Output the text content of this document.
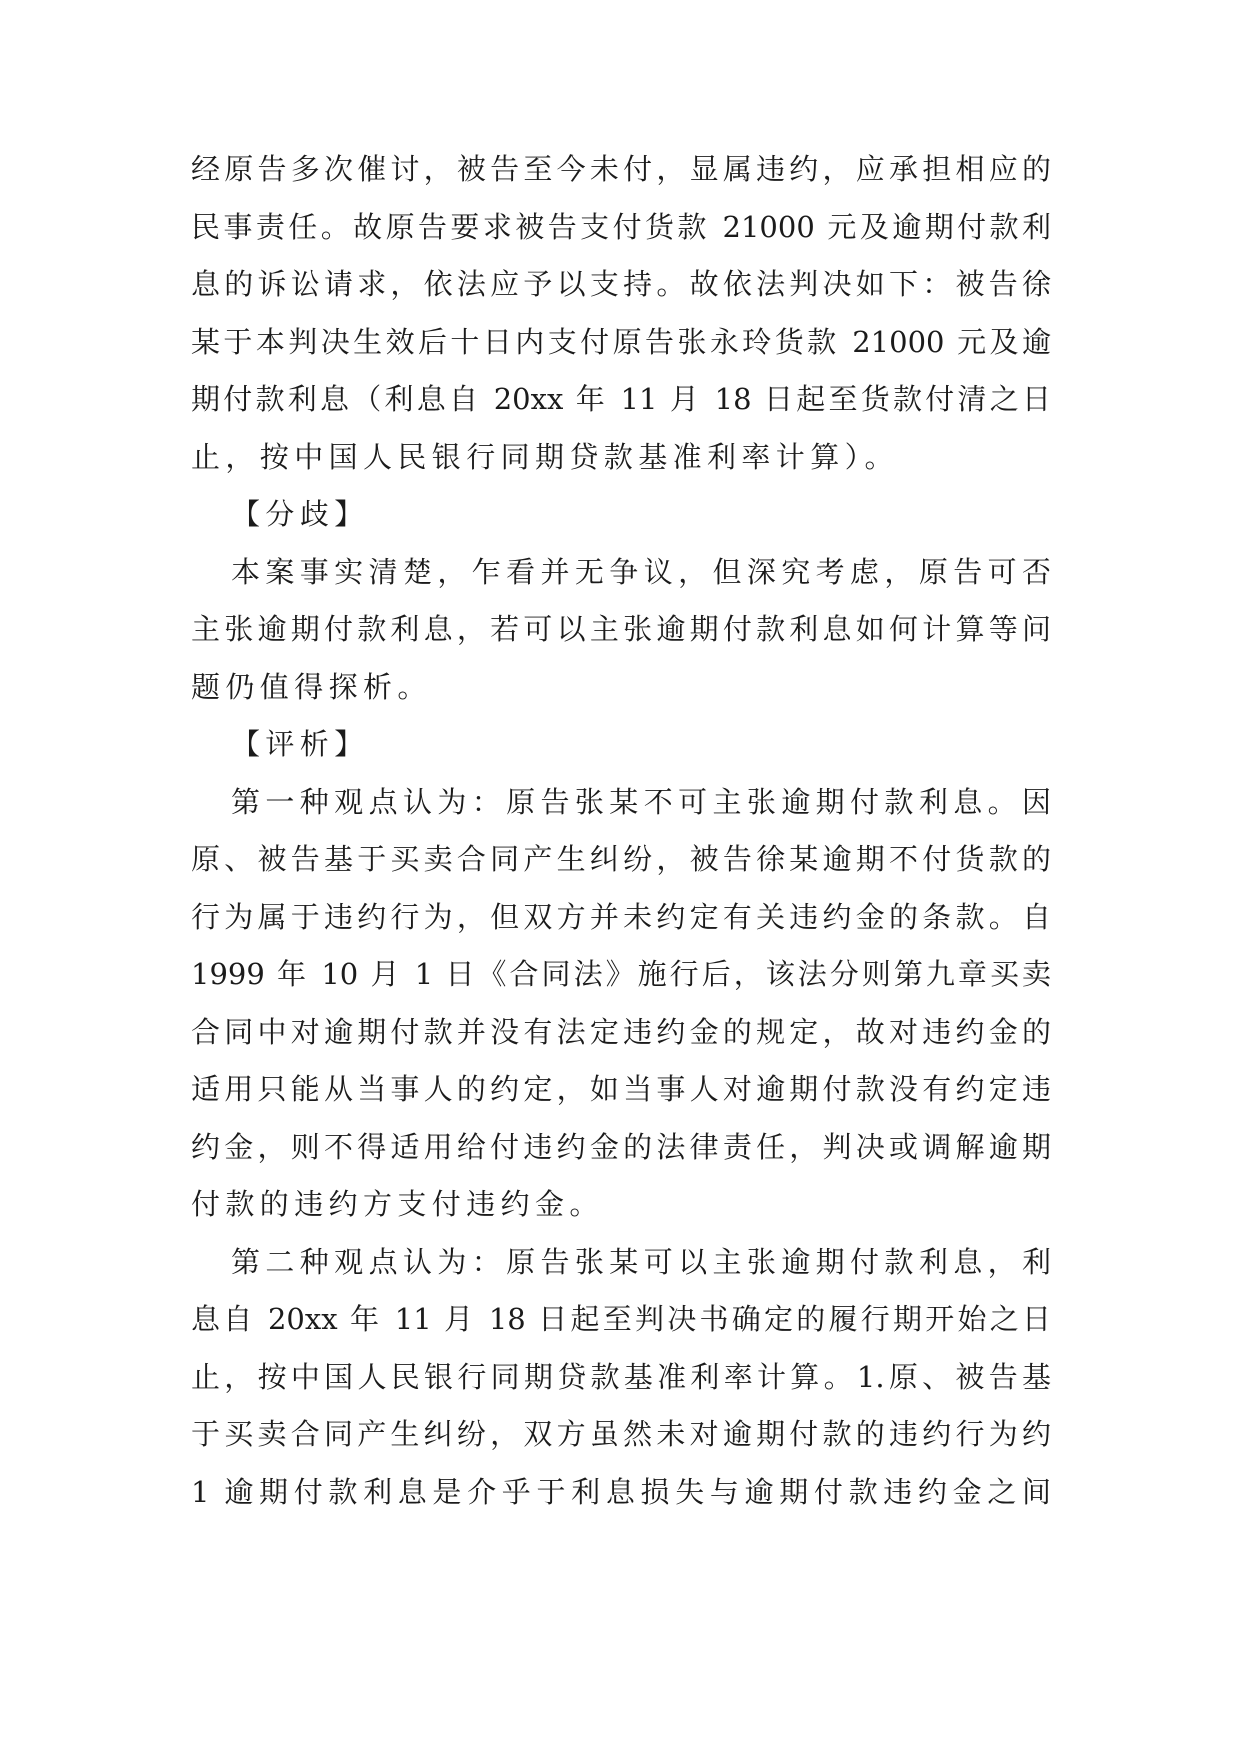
经原告多次催讨，被告至今未付，显属违约，应承担相应的
民事责任。故原告要求被告支付货款 21000 元及逾期付款利
息的诉讼请求，依法应予以支持。故依法判决如下：被告徐
某于本判决生效后十日内支付原告张永玲货款 21000 元及逾
期付款利息（利息自 20xx 年 11 月 18 日起至货款付清之日
止，按中国人民银行同期贷款基准利率计算）。
【分歧】
本案事实清楚，乍看并无争议，但深究考虑，原告可否
主张逾期付款利息，若可以主张逾期付款利息如何计算等问
题仍值得探析。
【评析】
第一种观点认为：原告张某不可主张逾期付款利息。因
原、被告基于买卖合同产生纠纷，被告徐某逾期不付货款的
行为属于违约行为，但双方并未约定有关违约金的条款。自
1999 年 10 月 1 日《合同法》施行后，该法分则第九章买卖
合同中对逾期付款并没有法定违约金的规定，故对违约金的
适用只能从当事人的约定，如当事人对逾期付款没有约定违
约金，则不得适用给付违约金的法律责任，判决或调解逾期
付款的违约方支付违约金。
第二种观点认为：原告张某可以主张逾期付款利息，利
息自 20xx 年 11 月 18 日起至判决书确定的履行期开始之日
止，按中国人民银行同期贷款基准利率计算。1.原、被告基
于买卖合同产生纠纷，双方虽然未对逾期付款的违约行为约
1 逾期付款利息是介乎于利息损失与逾期付款违约金之间
